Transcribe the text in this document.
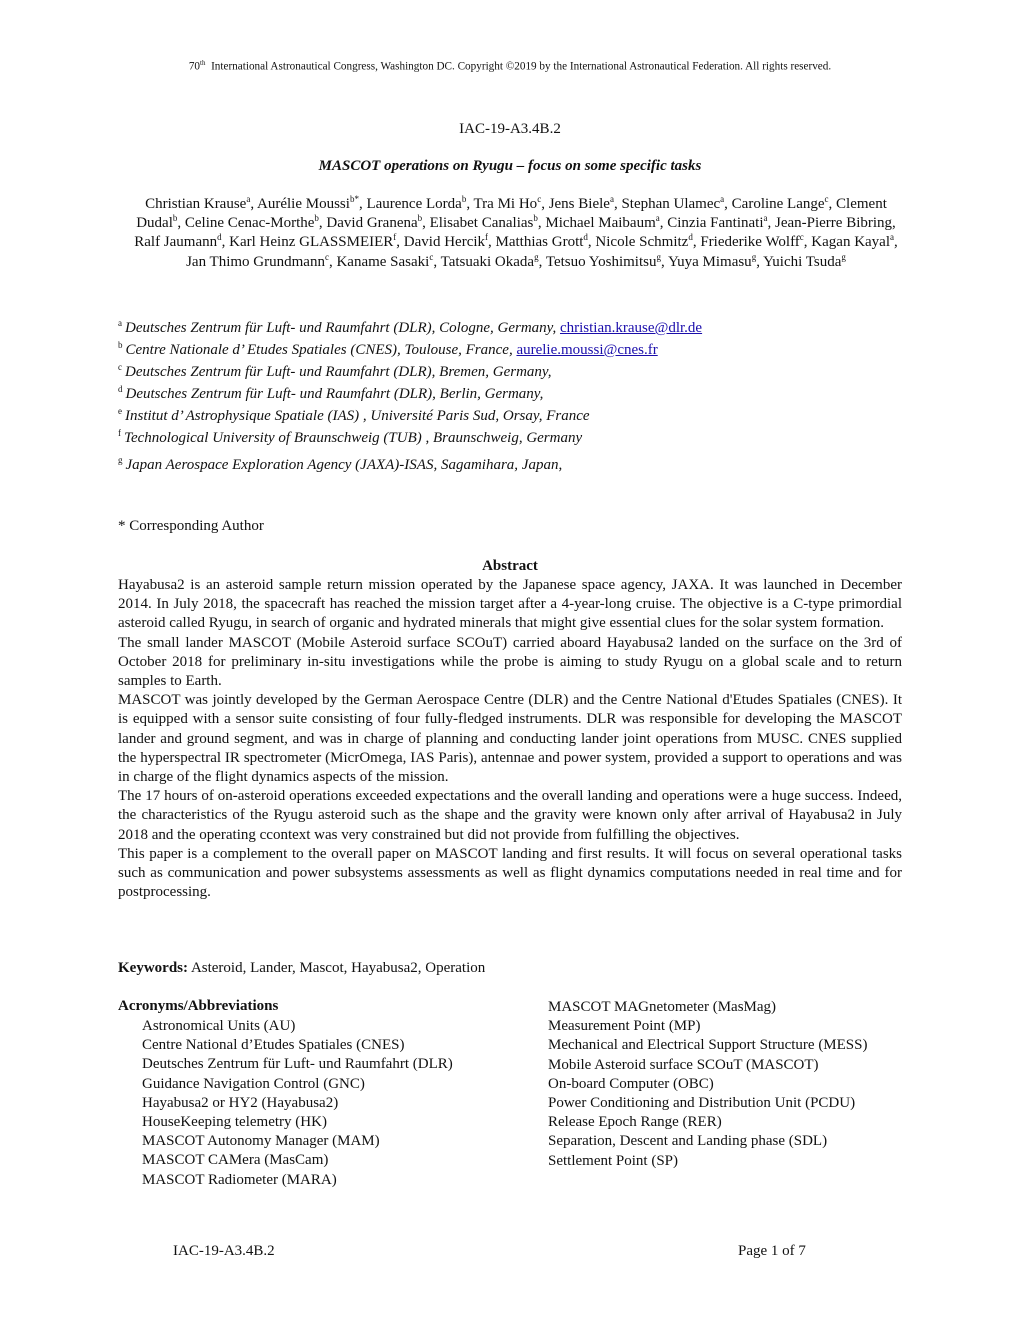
70th International Astronautical Congress, Washington DC. Copyright ©2019 by the International Astronautical Federation. All rights reserved.
IAC-19-A3.4B.2
MASCOT operations on Ryugu – focus on some specific tasks
Christian Krause$^a$, Aurélie Moussi$^{b*}$, Laurence Lorda$^b$, Tra Mi Ho$^c$, Jens Biele$^a$, Stephan Ulamec$^a$, Caroline Lange$^c$, Clement Dudal$^b$, Celine Cenac-Morthe$^b$, David Granena$^b$, Elisabet Canalias$^b$, Michael Maibaum$^a$, Cinzia Fantinati$^a$, Jean-Pierre Bibring, Ralf Jaumann$^d$, Karl Heinz GLASSMEIER$^f$, David Hercik$^f$, Matthias Grott$^d$, Nicole Schmitz$^d$, Friederike Wolff$^c$, Kagan Kayal$^a$, Jan Thimo Grundmann$^c$, Kaname Sasaki$^c$, Tatsuaki Okada$^g$, Tetsuo Yoshimitsu$^g$, Yuya Mimasu$^g$, Yuichi Tsuda$^g$
$^a$ Deutsches Zentrum für Luft- und Raumfahrt (DLR), Cologne, Germany, christian.krause@dlr.de
$^b$ Centre Nationale d’ Etudes Spatiales (CNES), Toulouse, France, aurelie.moussi@cnes.fr
$^c$ Deutsches Zentrum für Luft- und Raumfahrt (DLR), Bremen, Germany,
$^d$ Deutsches Zentrum für Luft- und Raumfahrt (DLR), Berlin, Germany,
$^e$ Institut d’ Astrophysique Spatiale (IAS) , Université Paris Sud, Orsay, France
$^f$ Technological University of Braunschweig (TUB) , Braunschweig, Germany
$^g$ Japan Aerospace Exploration Agency (JAXA)-ISAS, Sagamihara, Japan,
* Corresponding Author
Abstract

Hayabusa2 is an asteroid sample return mission operated by the Japanese space agency, JAXA. It was launched in December 2014. In July 2018, the spacecraft has reached the mission target after a 4-year-long cruise. The objective is a C-type primordial asteroid called Ryugu, in search of organic and hydrated minerals that might give essential clues for the solar system formation.

The small lander MASCOT (Mobile Asteroid surface SCOuT) carried aboard Hayabusa2 landed on the surface on the 3rd of October 2018 for preliminary in-situ investigations while the probe is aiming to study Ryugu on a global scale and to return samples to Earth.

MASCOT was jointly developed by the German Aerospace Centre (DLR) and the Centre National d'Etudes Spatiales (CNES). It is equipped with a sensor suite consisting of four fully-fledged instruments. DLR was responsible for developing the MASCOT lander and ground segment, and was in charge of planning and conducting lander joint operations from MUSC. CNES supplied the hyperspectral IR spectrometer (MicrOmega, IAS Paris), antennae and power system, provided a support to operations and was in charge of the flight dynamics aspects of the mission.

The 17 hours of on-asteroid operations exceeded expectations and the overall landing and operations were a huge success. Indeed, the characteristics of the Ryugu asteroid such as the shape and the gravity were known only after arrival of Hayabusa2 in July 2018 and the operating ccontext was very constrained but did not provide from fulfilling the objectives.

This paper is a complement to the overall paper on MASCOT landing and first results. It will focus on several operational tasks such as communication and power subsystems assessments as well as flight dynamics computations needed in real time and for postprocessing.

Keywords: Asteroid, Lander, Mascot, Hayabusa2, Operation
Acronyms/Abbreviations
Astronomical Units (AU)
Centre National d’Etudes Spatiales (CNES)
Deutsches Zentrum für Luft- und Raumfahrt (DLR)
Guidance Navigation Control (GNC)
Hayabusa2 or HY2 (Hayabusa2)
HouseKeeping telemetry (HK)
MASCOT Autonomy Manager (MAM)
MASCOT CAMera (MasCam)
MASCOT Radiometer (MARA)
MASCOT MAGnetometer (MasMag)
Measurement Point (MP)
Mechanical and Electrical Support Structure (MESS)
Mobile Asteroid surface SCOuT (MASCOT)
On-board Computer (OBC)
Power Conditioning and Distribution Unit (PCDU)
Release Epoch Range (RER)
Separation, Descent and Landing phase (SDL)
Settlement Point (SP)
IAC-19-A3.4B.2	Page 1 of 7
